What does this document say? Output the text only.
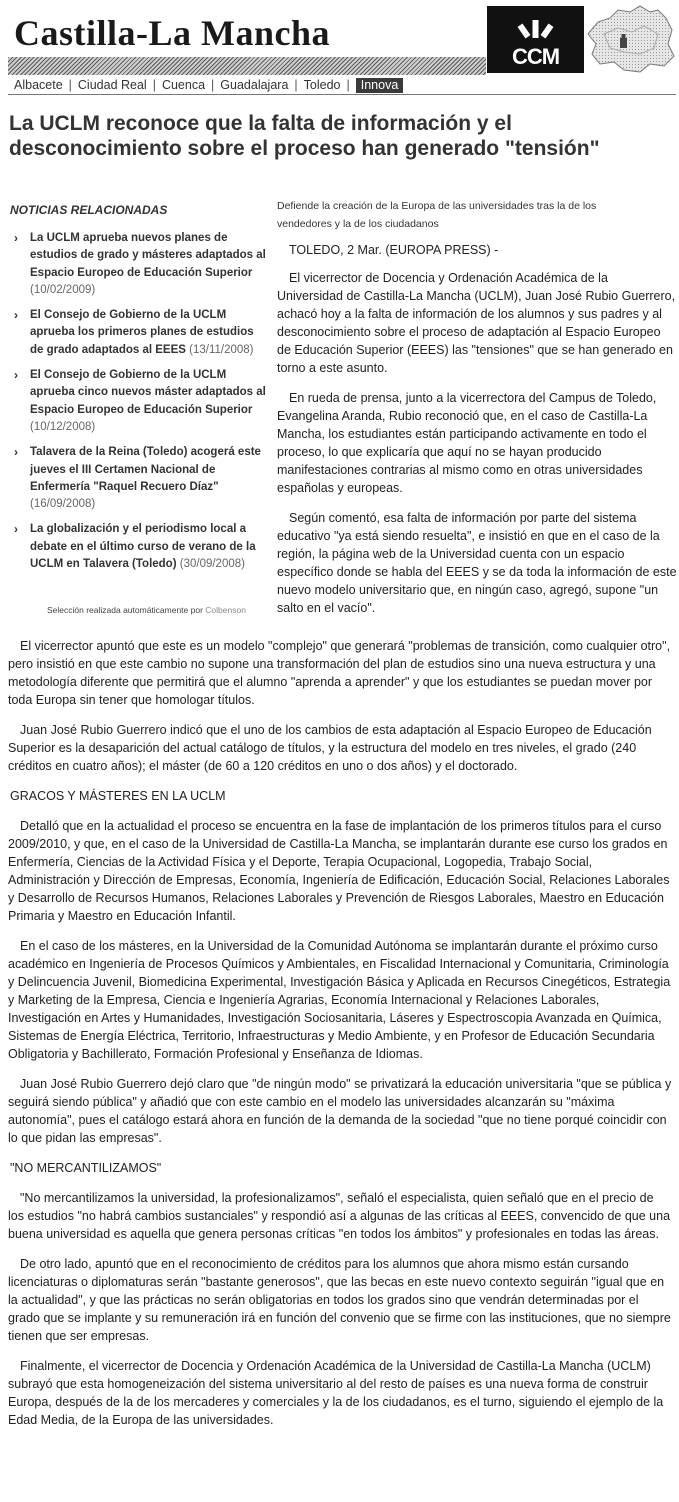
Castilla-La Mancha
CCM
Albacete | Ciudad Real | Cuenca | Guadalajara | Toledo | Innova
La UCLM reconoce que la falta de información y el desconocimiento sobre el proceso han generado "tensión"
NOTICIAS RELACIONADAS
› La UCLM aprueba nuevos planes de estudios de grado y másteres adaptados al Espacio Europeo de Educación Superior (10/02/2009)
› El Consejo de Gobierno de la UCLM aprueba los primeros planes de estudios de grado adaptados al EEES (13/11/2008)
› El Consejo de Gobierno de la UCLM aprueba cinco nuevos máster adaptados al Espacio Europeo de Educación Superior (10/12/2008)
› Talavera de la Reina (Toledo) acogerá este jueves el III Certamen Nacional de Enfermería "Raquel Recuero Díaz" (16/09/2008)
› La globalización y el periodismo local a debate en el último curso de verano de la UCLM en Talavera (Toledo) (30/09/2008)
Selección realizada automáticamente por Colbenson
Defiende la creación de la Europa de las universidades tras la de los vendedores y la de los ciudadanos

TOLEDO, 2 Mar. (EUROPA PRESS) -

El vicerrector de Docencia y Ordenación Académica de la Universidad de Castilla-La Mancha (UCLM), Juan José Rubio Guerrero, achacó hoy a la falta de información de los alumnos y sus padres y al desconocimiento sobre el proceso de adaptación al Espacio Europeo de Educación Superior (EEES) las "tensiones" que se han generado en torno a este asunto.

En rueda de prensa, junto a la vicerrectora del Campus de Toledo, Evangelina Aranda, Rubio reconoció que, en el caso de Castilla-La Mancha, los estudiantes están participando activamente en todo el proceso, lo que explicaría que aquí no se hayan producido manifestaciones contrarias al mismo como en otras universidades españolas y europeas.

Según comentó, esa falta de información por parte del sistema educativo "ya está siendo resuelta", e insistió en que en el caso de la región, la página web de la Universidad cuenta con un espacio específico donde se habla del EEES y se da toda la información de este nuevo modelo universitario que, en ningún caso, agregó, supone "un salto en el vacío".

El vicerrector apuntó que este es un modelo "complejo" que generará "problemas de transición, como cualquier otro", pero insistió en que este cambio no supone una transformación del plan de estudios sino una nueva estructura y una metodología diferente que permitirá que el alumno "aprenda a aprender" y que los estudiantes se puedan mover por toda Europa sin tener que homologar títulos.

Juan José Rubio Guerrero indicó que el uno de los cambios de esta adaptación al Espacio Europeo de Educación Superior es la desaparición del actual catálogo de títulos, y la estructura del modelo en tres niveles, el grado (240 créditos en cuatro años); el máster (de 60 a 120 créditos en uno o dos años) y el doctorado.

GRACOS Y MÁSTERES EN LA UCLM

Detalló que en la actualidad el proceso se encuentra en la fase de implantación de los primeros títulos para el curso 2009/2010, y que, en el caso de la Universidad de Castilla-La Mancha, se implantarán durante ese curso los grados en Enfermería, Ciencias de la Actividad Física y el Deporte, Terapia Ocupacional, Logopedia, Trabajo Social, Administración y Dirección de Empresas, Economía, Ingeniería de Edificación, Educación Social, Relaciones Laborales y Desarrollo de Recursos Humanos, Relaciones Laborales y Prevención de Riesgos Laborales, Maestro en Educación Primaria y Maestro en Educación Infantil.

En el caso de los másteres, en la Universidad de la Comunidad Autónoma se implantarán durante el próximo curso académico en Ingeniería de Procesos Químicos y Ambientales, en Fiscalidad Internacional y Comunitaria, Criminología y Delincuencia Juvenil, Biomedicina Experimental, Investigación Básica y Aplicada en Recursos Cinegéticos, Estrategia y Marketing de la Empresa, Ciencia e Ingeniería Agrarias, Economía Internacional y Relaciones Laborales, Investigación en Artes y Humanidades, Investigación Sociosanitaria, Láseres y Espectroscopia Avanzada en Química, Sistemas de Energía Eléctrica, Territorio, Infraestructuras y Medio Ambiente, y en Profesor de Educación Secundaria Obligatoria y Bachillerato, Formación Profesional y Enseñanza de Idiomas.

Juan José Rubio Guerrero dejó claro que "de ningún modo" se privatizará la educación universitaria "que se pública y seguirá siendo pública" y añadió que con este cambio en el modelo las universidades alcanzarán su "máxima autonomía", pues el catálogo estará ahora en función de la demanda de la sociedad "que no tiene porqué coincidir con lo que pidan las empresas".

"NO MERCANTILIZAMOS"

"No mercantilizamos la universidad, la profesionalizamos", señaló el especialista, quien señaló que en el precio de los estudios "no habrá cambios sustanciales" y respondió así a algunas de las críticas al EEES, convencido de que una buena universidad es aquella que genera personas críticas "en todos los ámbitos" y profesionales en todas las áreas.

De otro lado, apuntó que en el reconocimiento de créditos para los alumnos que ahora mismo están cursando licenciaturas o diplomaturas serán "bastante generosos", que las becas en este nuevo contexto seguirán "igual que en la actualidad", y que las prácticas no serán obligatorias en todos los grados sino que vendrán determinadas por el grado que se implante y su remuneración irá en función del convenio que se firme con las instituciones, que no siempre tienen que ser empresas.

Finalmente, el vicerrector de Docencia y Ordenación Académica de la Universidad de Castilla-La Mancha (UCLM) subrayó que esta homogeneización del sistema universitario al del resto de países es una nueva forma de construir Europa, después de la de los mercaderes y comerciales y la de los ciudadanos, es el turno, siguiendo el ejemplo de la Edad Media, de la Europa de las universidades.
